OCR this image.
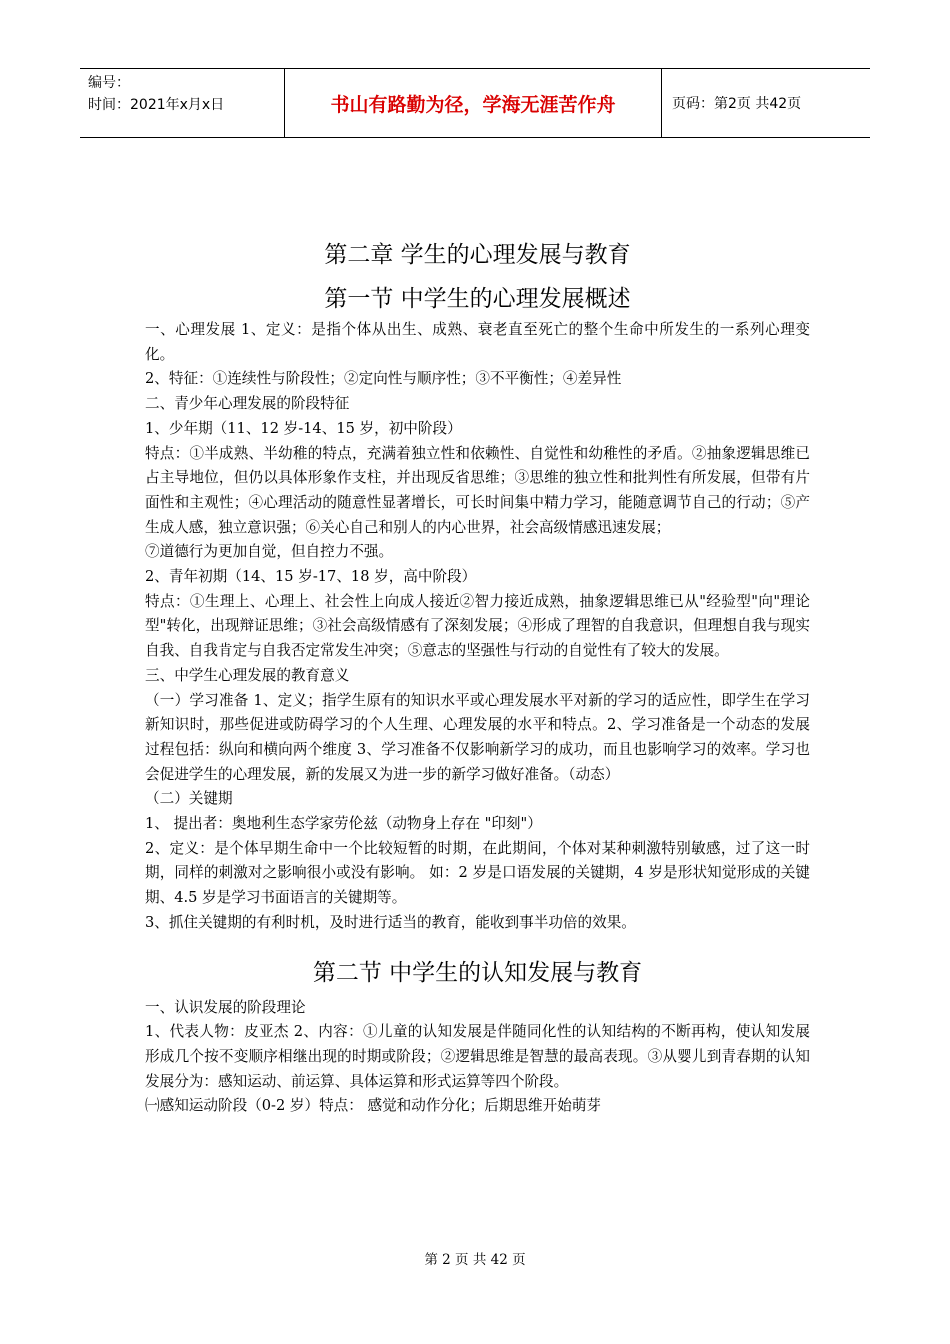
编号：
时间：2021年x月x日	书山有路勤为径，学海无涯苦作舟	页码：第2页 共42页
第二章 学生的心理发展与教育
第一节 中学生的心理发展概述

一、心理发展 1、定义：是指个体从出生、成熟、衰老直至死亡的整个生命中所发生的一系列心理变化。

2、特征：①连续性与阶段性；②定向性与顺序性；③不平衡性；④差异性

二、青少年心理发展的阶段特征

1、少年期（11、12 岁-14、15 岁，初中阶段）

特点：①半成熟、半幼稚的特点，充满着独立性和依赖性、自觉性和幼稚性的矛盾。②抽象逻辑思维已占主导地位，但仍以具体形象作支柱，并出现反省思维；③思维的独立性和批判性有所发展，但带有片面性和主观性；④心理活动的随意性显著增长，可长时间集中精力学习，能随意调节自己的行动；⑤产生成人感，独立意识强；⑥关心自己和别人的内心世界，社会高级情感迅速发展；

⑦道德行为更加自觉，但自控力不强。

2、青年初期（14、15 岁-17、18 岁，高中阶段）

特点：①生理上、心理上、社会性上向成人接近②智力接近成熟，抽象逻辑思维已从"经验型"向"理论型"转化，出现辩证思维；③社会高级情感有了深刻发展；④形成了理智的自我意识，但理想自我与现实自我、自我肯定与自我否定常发生冲突；⑤意志的坚强性与行动的自觉性有了较大的发展。

三、中学生心理发展的教育意义

（一）学习准备 1、定义；指学生原有的知识水平或心理发展水平对新的学习的适应性，即学生在学习新知识时，那些促进或防碍学习的个人生理、心理发展的水平和特点。2、学习准备是一个动态的发展过程包括：纵向和横向两个维度 3、学习准备不仅影响新学习的成功，而且也影响学习的效率。学习也会促进学生的心理发展，新的发展又为进一步的新学习做好准备。（动态）

（二）关键期

1、 提出者：奥地利生态学家劳伦兹（动物身上存在 "印刻"）

2、定义：是个体早期生命中一个比较短暂的时期，在此期间，个体对某种刺激特别敏感，过了这一时期，同样的刺激对之影响很小或没有影响。 如：2 岁是口语发展的关键期，4 岁是形状知觉形成的关键期、4.5 岁是学习书面语言的关键期等。

3、抓住关键期的有利时机，及时进行适当的教育，能收到事半功倍的效果。

第二节 中学生的认知发展与教育

一、认识发展的阶段理论

1、代表人物：皮亚杰 2、内容：①儿童的认知发展是伴随同化性的认知结构的不断再构，使认知发展形成几个按不变顺序相继出现的时期或阶段；②逻辑思维是智慧的最高表现。③从婴儿到青春期的认知发展分为：感知运动、前运算、具体运算和形式运算等四个阶段。

㈠感知运动阶段（0-2 岁）特点： 感觉和动作分化；后期思维开始萌芽

第 2 页 共 42 页
